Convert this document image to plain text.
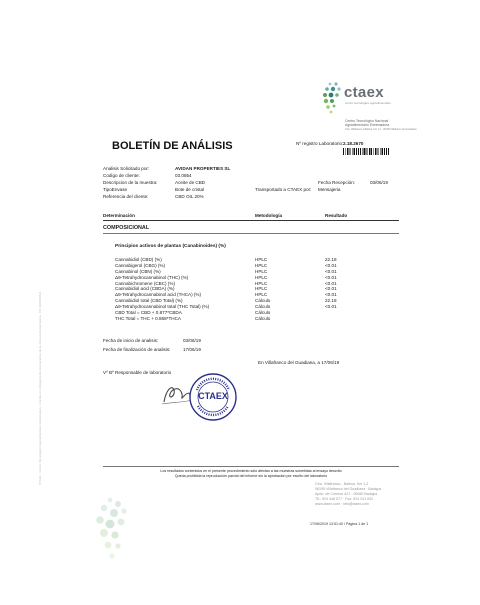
CTAEX · Centro Tecnológico Agroalimentario Extremadura · Inscrita en el Registro de Asociaciones de la Junta de Extremadura · CIF G06380431
ctaex
centro tecnológico agroalimentario
Centro Tecnológico Nacional
Agroalimentario Extremadura
Ctra. Villafranco a Balboa, Km 1,2 · 06195 Villafranco del Guadiana
BOLETÍN DE ANÁLISIS	Nº registro Laboratorio: 2.18.2670
Analisis Solicitado por:	AVIDAN PROPERTIES SL
Codigo de cliente:	03.0854
Descripcion de la muestra:	Aceite de CBD	Fecha Recepción:	03/06/19
TipoEnvase	Bote de cristal	Transportado a CTAEX por: Mensajeria
Referencia del cliente:	CBD OIL 20%
Determinación	Metodología	Resultado
COMPOSICIONAL
Principios activos de plantas (Canabinoides) (%)
Cannabidiol (CBD) (%)	HPLC	22.18
Cannabigerol (CBG) (%)	HPLC	<0.01
Cannabinol (CBN) (%)	HPLC	<0.01
Δ9-Tetrahydrocannabinol (THC) (%)	HPLC	<0.01
Cannabichromene (CBC) (%)	HPLC	<0.01
Cannabidiol acid (CBDA) (%)	HPLC	<0.01
Δ9-Tetrahydrocannabinol acid (THCA) (%)	HPLC	<0.01
Cannabidiol total (CBD Total) (%)	Cálculo	22.18
Δ9-Tetrahydrocannabinol total (THC Total) (%)	Cálculo	<0.01
CBD Total = CBD + 0.877*CBDA	Cálculo
THC Total = THC + 0.868*THCA	Cálculo
Fecha de inicio de analisis:	03/06/19
Fecha de finalización de analisis:	17/06/19
En Villafranco del Guadiana, a 17/06/19
Vº Bº Responsable de laboratorio
CTAEX
CENTRO TECNOLOGICO AGROALIMEN
Los resultados contenidos en el presente procedimiento sólo afectan a las muestras sometidas al ensayo descrito
Queda prohibida la reproducción parcial del informe sin la aprobación por escrito del laboratorio
Ctra. Villafranco - Balboa, Km 1,2
06195 Villafranco del Guadiana · Badajoz
Apdo. de Correos 421 · 06080 Badajoz
Tlf.: 924 448 077 · Fax: 924 241 002
www.ctaex.com · info@ctaex.com
17/06/2019 13:51:40 / Página 1 de 1
